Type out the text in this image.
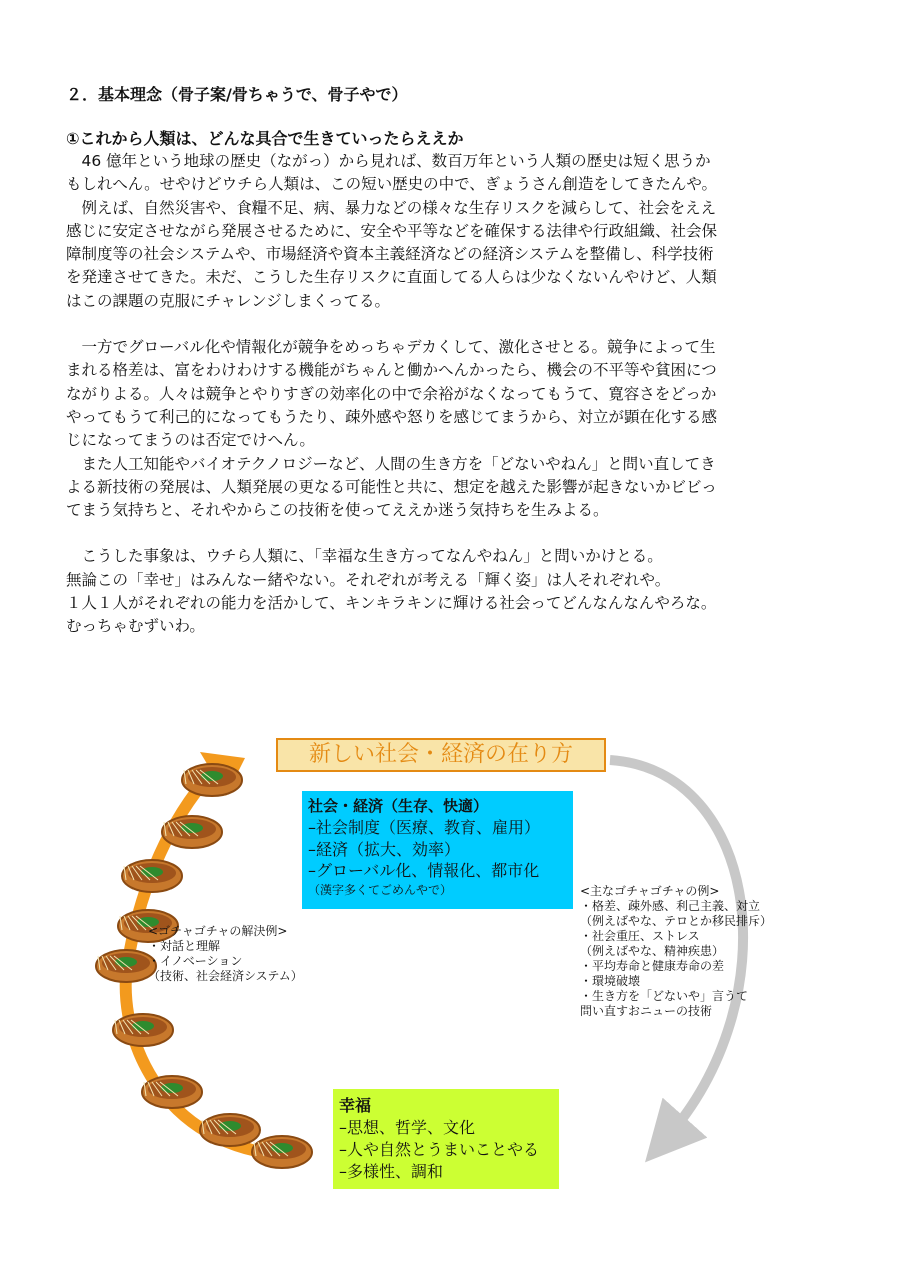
２．基本理念（骨子案/骨ちゃうで、骨子やで）
①これから人類は、どんな具合で生きていったらええか

　46 億年という地球の歴史（ながっ）から見れば、数百万年という人類の歴史は短く思うか

もしれへん。せやけどウチら人類は、この短い歴史の中で、ぎょうさん創造をしてきたんや。

　例えば、自然災害や、食糧不足、病、暴力などの様々な生存リスクを減らして、社会をええ

感じに安定させながら発展させるために、安全や平等などを確保する法律や行政組織、社会保

障制度等の社会システムや、市場経済や資本主義経済などの経済システムを整備し、科学技術

を発達させてきた。未だ、こうした生存リスクに直面してる人らは少なくないんやけど、人類

はこの課題の克服にチャレンジしまくってる。

　一方でグローバル化や情報化が競争をめっちゃデカくして、激化させとる。競争によって生

まれる格差は、富をわけわけする機能がちゃんと働かへんかったら、機会の不平等や貧困につ

ながりよる。人々は競争とやりすぎの効率化の中で余裕がなくなってもうて、寛容さをどっか

やってもうて利己的になってもうたり、疎外感や怒りを感じてまうから、対立が顕在化する感

じになってまうのは否定でけへん。

　また人工知能やバイオテクノロジーなど、人間の生き方を「どないやねん」と問い直してき

よる新技術の発展は、人類発展の更なる可能性と共に、想定を越えた影響が起きないかビビっ

てまう気持ちと、それやからこの技術を使ってええか迷う気持ちを生みよる。

　こうした事象は、ウチら人類に、「幸福な生き方ってなんやねん」と問いかけとる。

無論この「幸せ」はみんなー緒やない。それぞれが考える「輝く姿」は人それぞれや。

１人１人がそれぞれの能力を活かして、キンキラキンに輝ける社会ってどんなんなんやろな。

むっちゃむずいわ。

新しい社会・経済の在り方
社会・経済（生存、快適）
–社会制度（医療、教育、雇用）
–経済（拡大、効率）
–グローバル化、情報化、都市化
（漢字多くてごめんやで）
幸福
–思想、哲学、文化
–人や自然とうまいことやる
–多様性、調和
<ゴチャゴチャの解決例>
・対話と理解
・イノベーション
（技術、社会経済システム）
<主なゴチャゴチャの例>
・格差、疎外感、利己主義、対立
（例えばやな、テロとか移民排斥）
・社会重圧、ストレス
（例えばやな、精神疾患）
・平均寿命と健康寿命の差
・環境破壊
・生き方を「どないや」言うて
問い直すおニューの技術
